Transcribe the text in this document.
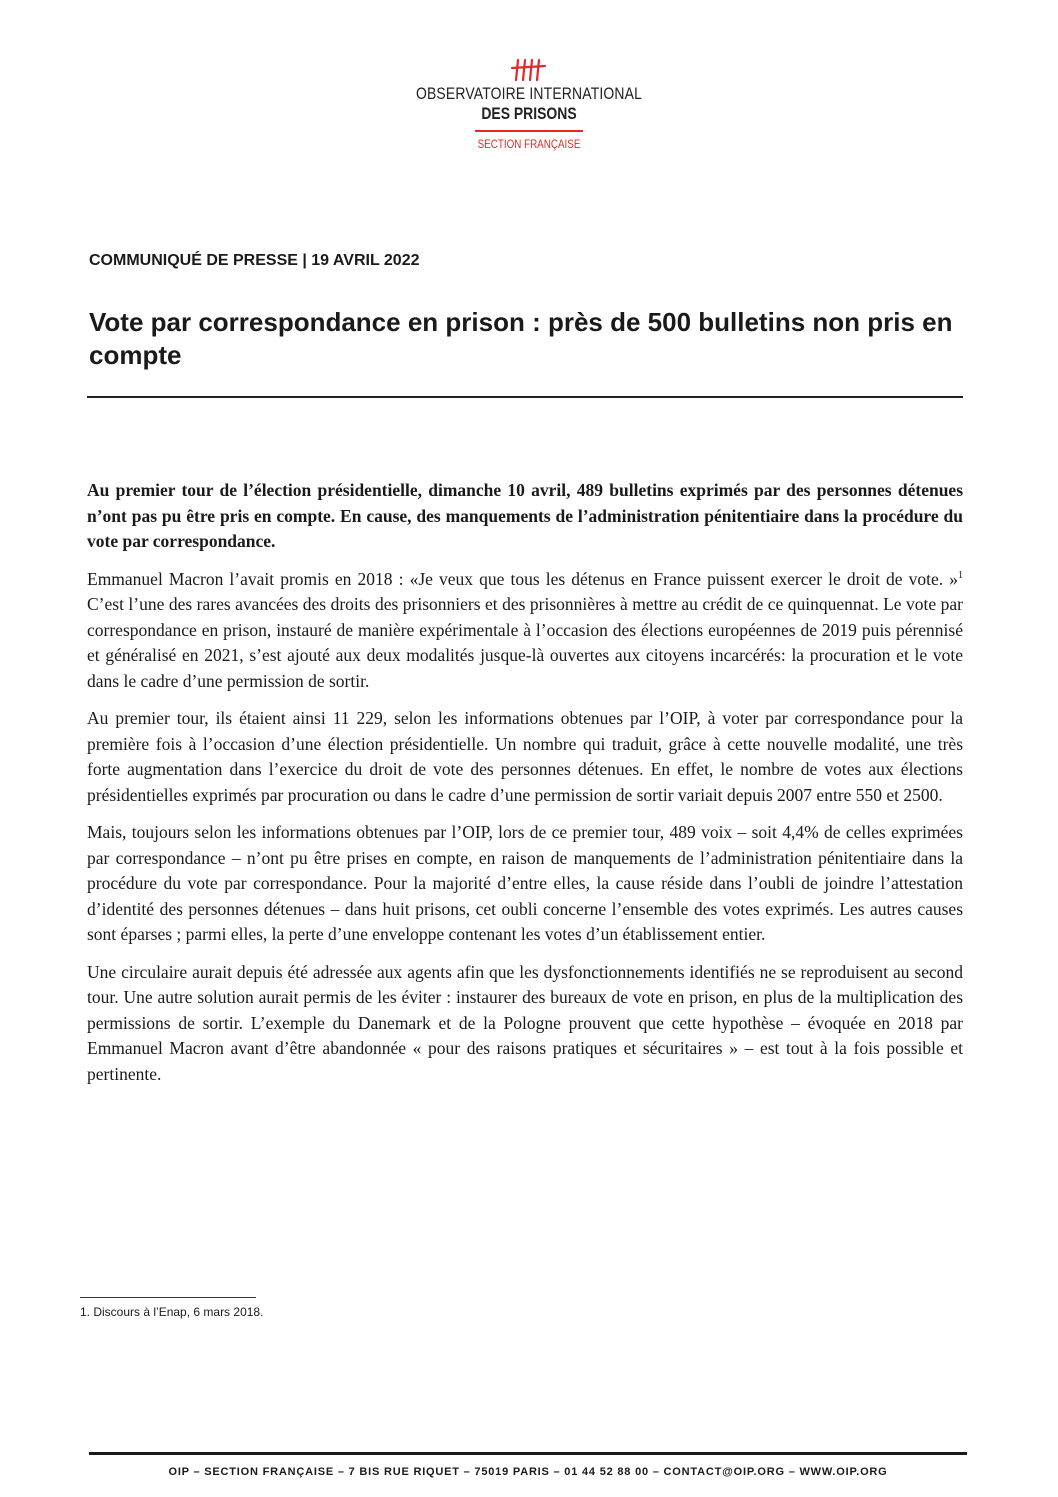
OBSERVATOIRE INTERNATIONAL
DES PRISONS
SECTION FRANÇAISE
COMMUNIQUÉ DE PRESSE | 19 AVRIL 2022
Vote par correspondance en prison : près de 500 bulletins non pris en compte

Au premier tour de l’élection présidentielle, dimanche 10 avril, 489 bulletins exprimés par des personnes détenues n’ont pas pu être pris en compte. En cause, des manquements de l’administration pénitentiaire dans la procédure du vote par correspondance.

Emmanuel Macron l’avait promis en 2018 : «Je veux que tous les détenus en France puissent exercer le droit de vote. »$^1$ C’est l’une des rares avancées des droits des prisonniers et des prisonnières à mettre au crédit de ce quinquennat. Le vote par correspondance en prison, instauré de manière expérimentale à l’occasion des élections européennes de 2019 puis pérennisé et généralisé en 2021, s’est ajouté aux deux modalités jusque-là ouvertes aux citoyens incarcérés: la procuration et le vote dans le cadre d’une permission de sortir.

Au premier tour, ils étaient ainsi 11 229, selon les informations obtenues par l’OIP, à voter par correspondance pour la première fois à l’occasion d’une élection présidentielle. Un nombre qui traduit, grâce à cette nouvelle modalité, une très forte augmentation dans l’exercice du droit de vote des personnes détenues. En effet, le nombre de votes aux élections présidentielles exprimés par procuration ou dans le cadre d’une permission de sortir variait depuis 2007 entre 550 et 2500.

Mais, toujours selon les informations obtenues par l’OIP, lors de ce premier tour, 489 voix – soit 4,4% de celles exprimées par correspondance – n’ont pu être prises en compte, en raison de manquements de l’administration pénitentiaire dans la procédure du vote par correspondance. Pour la majorité d’entre elles, la cause réside dans l’oubli de joindre l’attestation d’identité des personnes détenues – dans huit prisons, cet oubli concerne l’ensemble des votes exprimés. Les autres causes sont éparses ; parmi elles, la perte d’une enveloppe contenant les votes d’un établissement entier.

Une circulaire aurait depuis été adressée aux agents afin que les dysfonctionnements identifiés ne se reproduisent au second tour. Une autre solution aurait permis de les éviter : instaurer des bureaux de vote en prison, en plus de la multiplication des permissions de sortir. L’exemple du Danemark et de la Pologne prouvent que cette hypothèse – évoquée en 2018 par Emmanuel Macron avant d’être abandonnée « pour des raisons pratiques et sécuritaires » – est tout à la fois possible et pertinente.

1. Discours à l’Enap, 6 mars 2018.
OIP – SECTION FRANÇAISE – 7 BIS RUE RIQUET – 75019 PARIS – 01 44 52 88 00 – CONTACT@OIP.ORG – WWW.OIP.ORG
